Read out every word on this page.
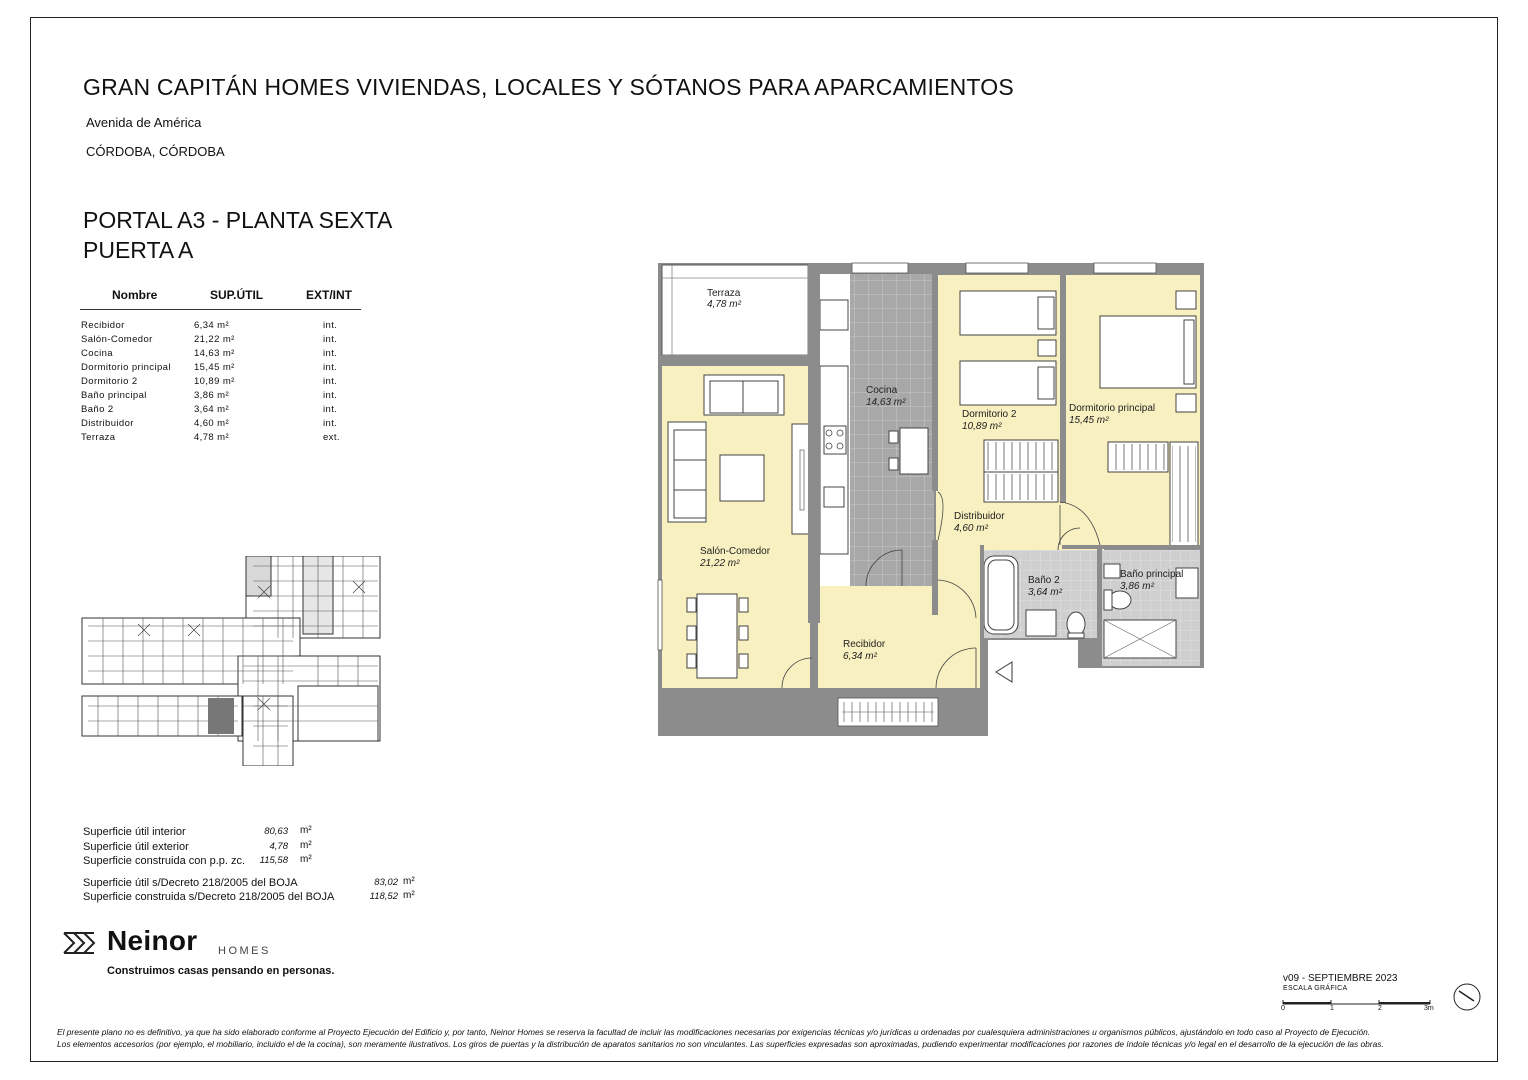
GRAN CAPITÁN HOMES VIVIENDAS, LOCALES Y SÓTANOS PARA APARCAMIENTOS
Avenida de América
CÓRDOBA, CÓRDOBA
PORTAL A3 - PLANTA SEXTA
PUERTA A
Nombre	SUP.ÚTIL	EXT/INT
Recibidor	6,34 m²	int.
Salón-Comedor	21,22 m²	int.
Cocina	14,63 m²	int.
Dormitorio principal 15,45 m²	int.
Dormitorio 2	10,89 m²	int.
Baño principal	3,86 m²	int.
Baño 2	3,64 m²	int.
Distribuidor	4,60 m²	int.
Terraza	4,78 m²	ext.
Superficie útil interior	80,63 m²
Superficie útil exterior	4,78 m²
Superficie construida con p.p. zc.	115,58 m²
Superficie útil s/Decreto 218/2005 del BOJA	83,02 m²
Superficie construida s/Decreto 218/2005 del BOJA	118,52 m²
Terraza
4,78 m²
Cocina
14,63 m²
Dormitorio 2
10,89 m²
Dormitorio principal
15,45 m²
Distribuidor
4,60 m²
Salón-Comedor
21,22 m²
Baño 2
3,64 m²
Baño principal
3,86 m²
Recibidor
6,34 m²
Neinor HOMES
Construimos casas pensando en personas.
v09 - SEPTIEMBRE 2023
ESCALA GRÁFICA
0	1	2	3m
El presente plano no es definitivo, ya que ha sido elaborado conforme al Proyecto Ejecución del Edificio y, por tanto, Neinor Homes se reserva la facultad de incluir las modificaciones necesarias por exigencias técnicas y/o jurídicas u ordenadas por cualesquiera administraciones u organismos públicos, ajustándolo en todo caso al Proyecto de Ejecución.
Los elementos accesorios (por ejemplo, el mobiliario, incluido el de la cocina), son meramente ilustrativos. Los giros de puertas y la distribución de aparatos sanitarios no son vinculantes. Las superficies expresadas son aproximadas, pudiendo experimentar modificaciones por razones de índole técnicas y/o legal en el desarrollo de la ejecución de las obras.
